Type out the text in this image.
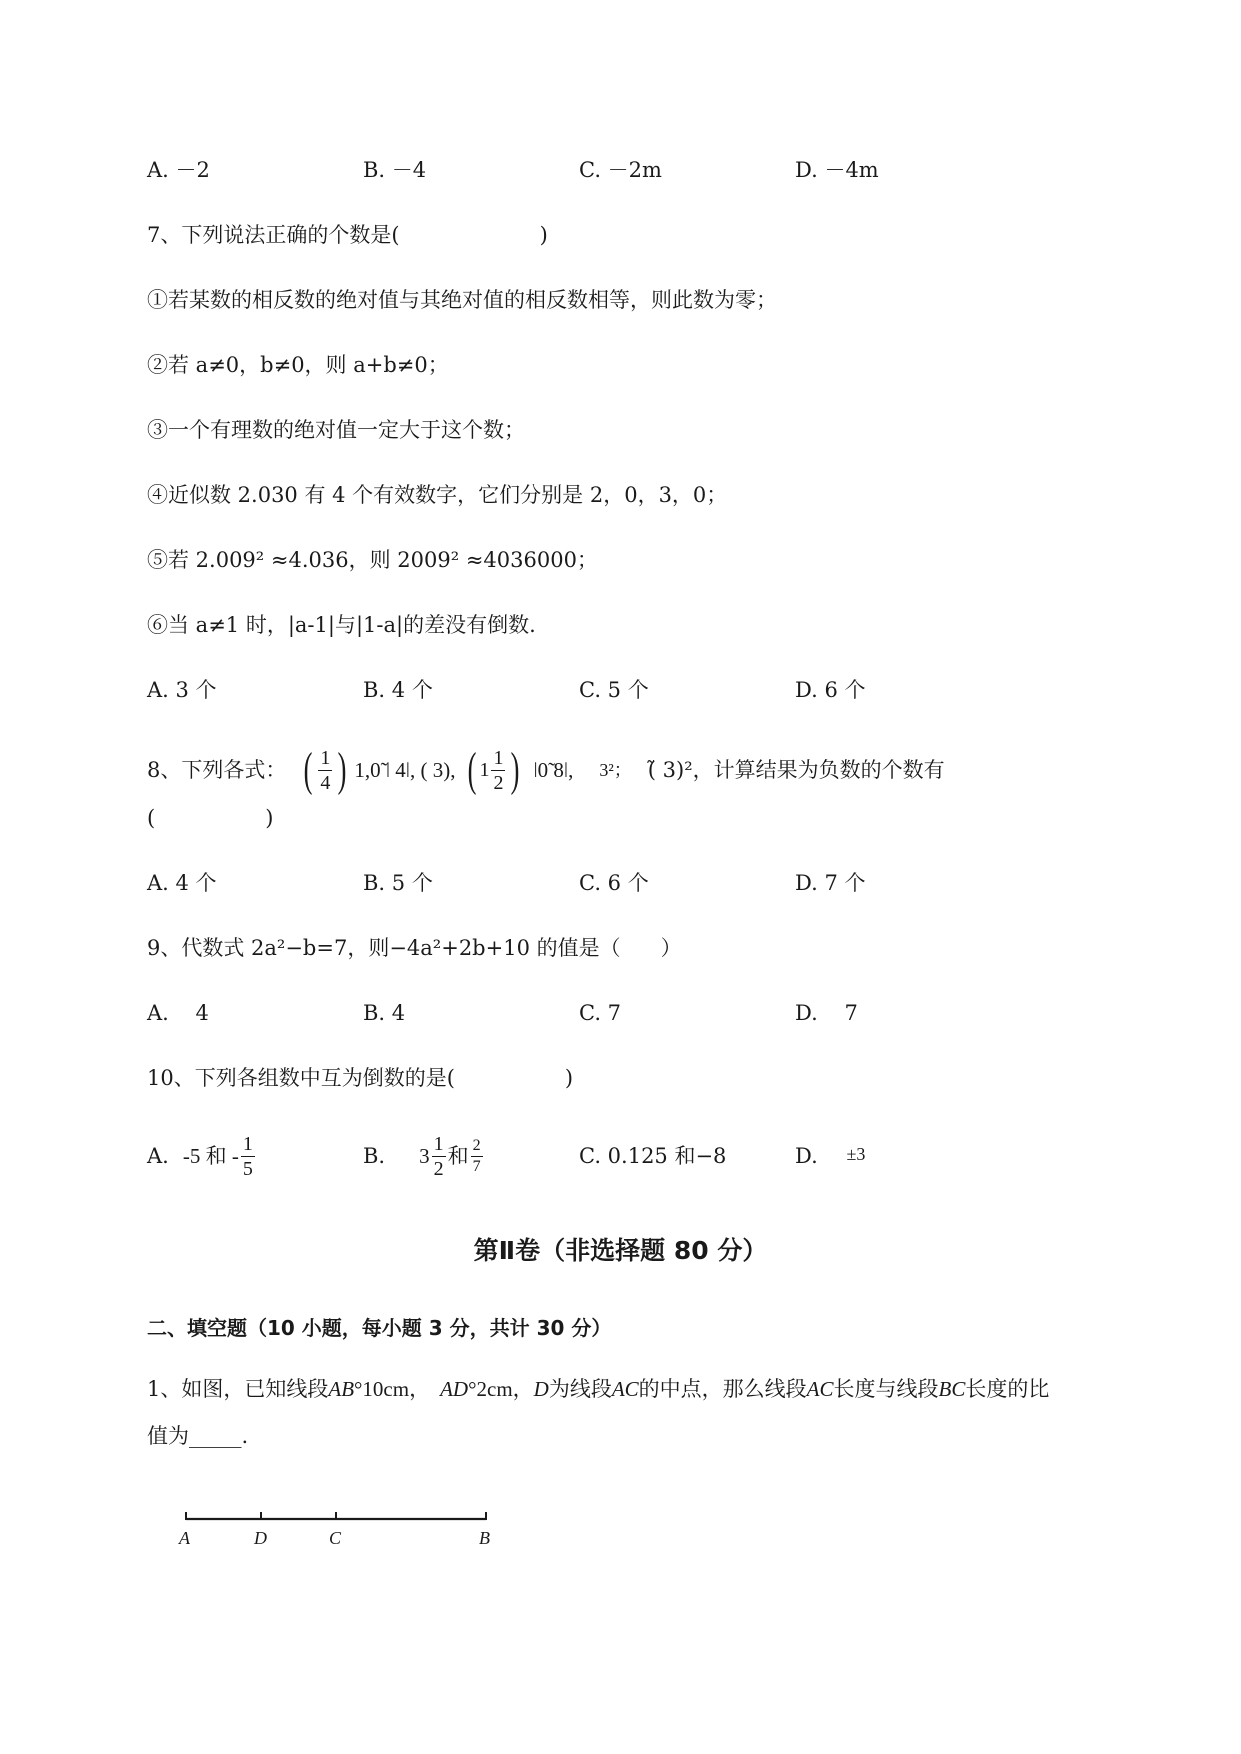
A. －2	B. －4	C. －2m	D. －4m
7、下列说法正确的个数是(	)
①若某数的相反数的绝对值与其绝对值的相反数相等，则此数为零；
②若 a≠0，b≠0，则 a+b≠0；
③一个有理数的绝对值一定大于这个数；
④近似数 2.030 有 4 个有效数字，它们分别是 2，0，3，0；
⑤若 2.009² ≈4.036，则 2009² ≈4036000；
⑥当 a≠1 时，|a-1|与|1-a|的差没有倒数.
A. 3 个	B. 4 个	C. 5 个	D. 6 个
8、下列各式： ( $\frac{1}{4}$ ) 1,0̃ ǀ 4ǀ, ( 3), ( $1 \frac{1}{2}$ ) ǀ0̃ 8ǀ, 3²； (̃ 3)²，计算结果为负数的个数有
(	)
A. 4 个	B. 5 个	C. 6 个	D. 7 个
9、代数式 2a²−b=7，则−4a²+2b+10 的值是（ ）
A.    4	B. 4	C. 7	D.    7
10、下列各组数中互为倒数的是(	)
A. -5 和 - $\frac{1}{5}$	B. $3 \frac{1}{2}$ 和 $\frac{2}{7}$	C. 0.125 和−8	D. ±3
第Ⅱ卷（非选择题 80 分）
二、填空题（10 小题，每小题 3 分，共计 30 分）
1、如图，已知线段AB°10cm， AD°2cm，D为线段AC的中点，那么线段AC长度与线段BC长度的比
值为_____.
A	D	C	B
